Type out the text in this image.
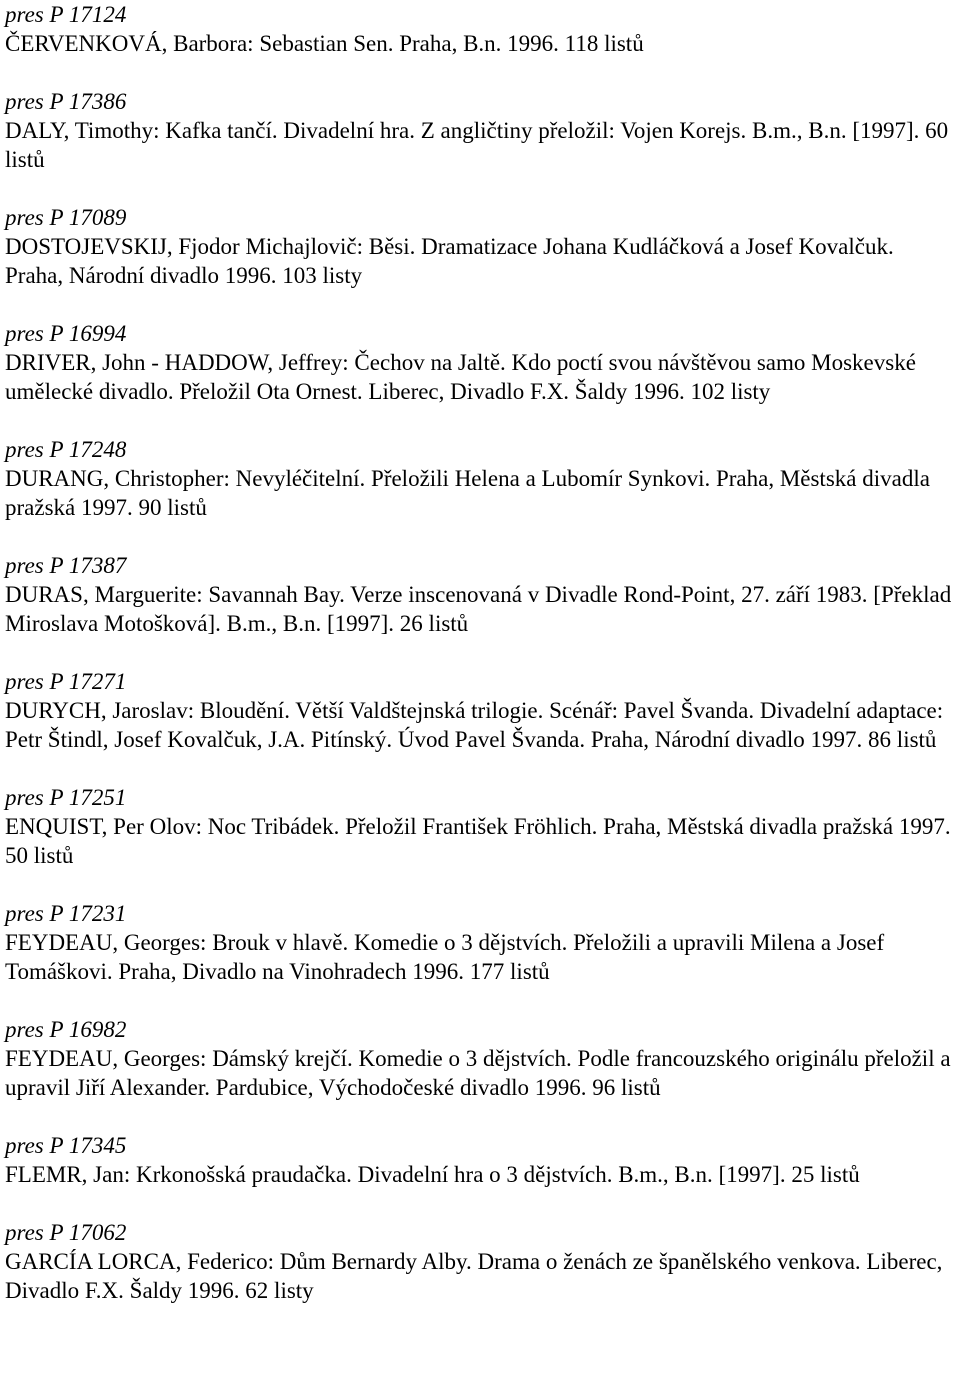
pres P 17124
ČERVENKOVÁ, Barbora: Sebastian Sen. Praha, B.n. 1996. 118 listů
pres P 17386
DALY, Timothy: Kafka tančí. Divadelní hra. Z angličtiny přeložil: Vojen Korejs. B.m., B.n. [1997]. 60 listů
pres P 17089
DOSTOJEVSKIJ, Fjodor Michajlovič: Běsi. Dramatizace Johana Kudláčková a Josef Kovalčuk. Praha, Národní divadlo 1996. 103 listy
pres P 16994
DRIVER, John - HADDOW, Jeffrey: Čechov na Jaltě. Kdo poctí svou návštěvou samo Moskevské umělecké divadlo. Přeložil Ota Ornest. Liberec, Divadlo F.X. Šaldy 1996. 102 listy
pres P 17248
DURANG, Christopher: Nevyléčitelní. Přeložili Helena a Lubomír Synkovi. Praha, Městská divadla pražská 1997. 90 listů
pres P 17387
DURAS, Marguerite: Savannah Bay. Verze inscenovaná v Divadle Rond-Point, 27. září 1983. [Překlad Miroslava Motošková]. B.m., B.n. [1997]. 26 listů
pres P 17271
DURYCH, Jaroslav: Bloudění. Větší Valdštejnská trilogie. Scénář: Pavel Švanda. Divadelní adaptace: Petr Štindl, Josef Kovalčuk, J.A. Pitínský. Úvod Pavel Švanda. Praha, Národní divadlo 1997. 86 listů
pres P 17251
ENQUIST, Per Olov: Noc Tribádek. Přeložil František Fröhlich. Praha, Městská divadla pražská 1997. 50 listů
pres P 17231
FEYDEAU, Georges: Brouk v hlavě. Komedie o 3 dějstvích. Přeložili a upravili Milena a Josef Tomáškovi. Praha, Divadlo na Vinohradech 1996. 177 listů
pres P 16982
FEYDEAU, Georges: Dámský krejčí. Komedie o 3 dějstvích. Podle francouzského originálu přeložil a upravil Jiří Alexander. Pardubice, Východočeské divadlo 1996. 96 listů
pres P 17345
FLEMR, Jan: Krkonošská praudačka. Divadelní hra o 3 dějstvích. B.m., B.n. [1997]. 25 listů
pres P 17062
GARCÍA LORCA, Federico: Dům Bernardy Alby. Drama o ženách ze španělského venkova. Liberec, Divadlo F.X. Šaldy 1996. 62 listy
